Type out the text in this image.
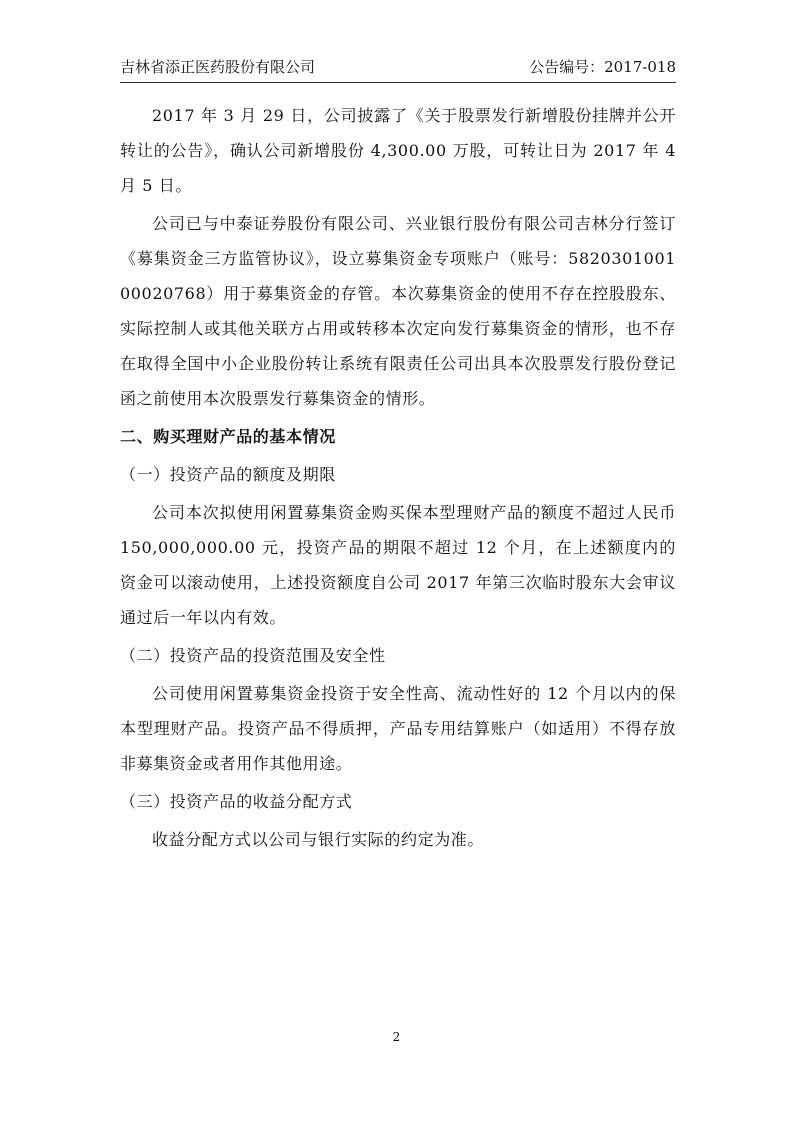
吉林省添正医药股份有限公司	公告编号：2017-018

2017 年 3 月 29 日，公司披露了《关于股票发行新增股份挂牌并公开转让的公告》，确认公司新增股份 4,300.00 万股，可转让日为 2017 年 4 月 5 日。

公司已与中泰证券股份有限公司、兴业银行股份有限公司吉林分行签订《募集资金三方监管协议》，设立募集资金专项账户（账号：582030100100020768）用于募集资金的存管。本次募集资金的使用不存在控股股东、实际控制人或其他关联方占用或转移本次定向发行募集资金的情形，也不存在取得全国中小企业股份转让系统有限责任公司出具本次股票发行股份登记函之前使用本次股票发行募集资金的情形。

二、购买理财产品的基本情况

（一）投资产品的额度及期限

公司本次拟使用闲置募集资金购买保本型理财产品的额度不超过人民币 150,000,000.00 元，投资产品的期限不超过 12 个月，在上述额度内的资金可以滚动使用，上述投资额度自公司 2017 年第三次临时股东大会审议通过后一年以内有效。

（二）投资产品的投资范围及安全性

公司使用闲置募集资金投资于安全性高、流动性好的 12 个月以内的保本型理财产品。投资产品不得质押，产品专用结算账户（如适用）不得存放非募集资金或者用作其他用途。

（三）投资产品的收益分配方式

收益分配方式以公司与银行实际的约定为准。

2
